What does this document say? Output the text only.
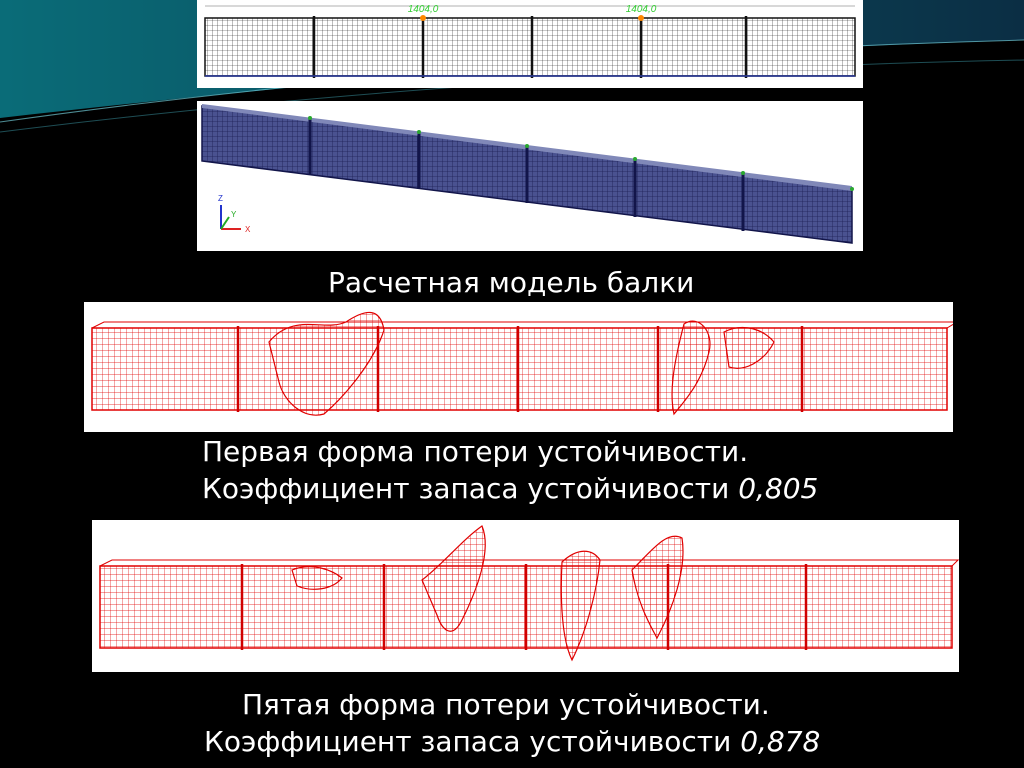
1404,0	1404,0
Z
Y
X
Расчетная модель балки
Первая форма потери устойчивости.
Коэффициент запаса устойчивости 0,805
Пятая форма потери устойчивости.
Коэффициент запаса устойчивости 0,878
